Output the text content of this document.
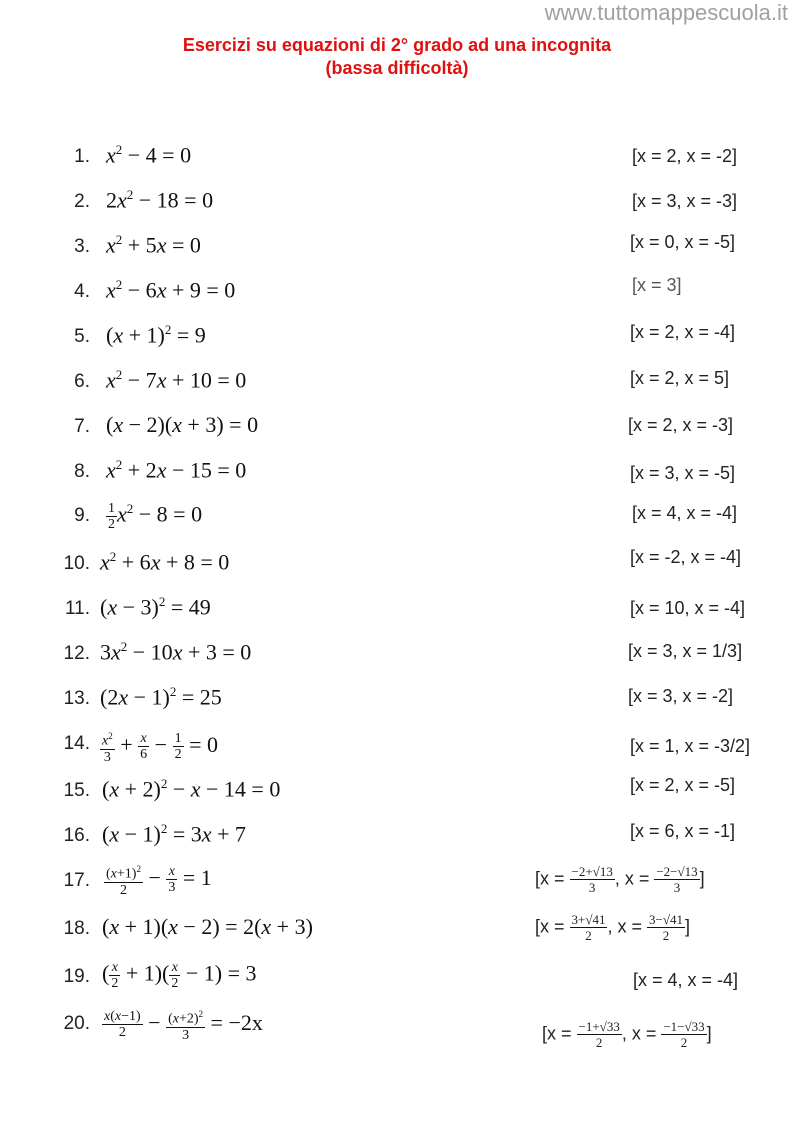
www.tuttomappescuola.it
Esercizi su equazioni di 2° grado ad una incognita
(bassa difficoltà)
1. $x^2 - 4 = 0$	[x = 2, x = -2]
2. $2x^2 - 18 = 0$	[x = 3, x = -3]
3. $x^2 + 5x = 0$	[x = 0, x = -5]
4. $x^2 - 6x + 9 = 0$	[x = 3]
5. $(x + 1)^2 = 9$	[x = 2, x = -4]
6. $x^2 - 7x + 10 = 0$	[x = 2, x = 5]
7. (x − 2)(x + 3) = 0	[x = 2, x = -3]
8. $x^2 + 2x - 15 = 0$	[x = 3, x = -5]
9. $\frac{1}{2} x^2 - 8 = 0$	[x = 4, x = -4]
10. $x^2 + 6x + 8 = 0$	[x = -2, x = -4]
11. $(x - 3)^2 = 49$	[x = 10, x = -4]
12. $3x^2 - 10x + 3 = 0$	[x = 3, x = 1/3]
13. $(2x - 1)^2 = 25$	[x = 3, x = -2]
14. $\frac{x^2}{3} + \frac{x}{6} - \frac{1}{2} = 0$	[x = 1, x = -3/2]
15. $(x + 2)^2 - x - 14 = 0$	[x = 2, x = -5]
16. $(x - 1)^2 = 3x + 7$	[x = 6, x = -1]
17. $\frac{(x+1)^2}{2} - \frac{x}{3} = 1$	[$x = \frac{-2+√13}{3}$ , $x = \frac{-2-√13}{3}$ ]
18. (x + 1)(x − 2) = 2(x + 3)	[$x = \frac{3+√41}{2}$ , $x = \frac{3-√41}{2}$ ]
19. ( $\frac{x}{2} + 1)( \frac{x}{2} - 1) = 3$	[x = 4, x = -4]
20. $\frac{x(x-1)}{2} - \frac{(x+2)^2}{3} = -2x$	[$x = \frac{-1+√33}{2}$ , $x = \frac{-1-√33}{2}$ ]
